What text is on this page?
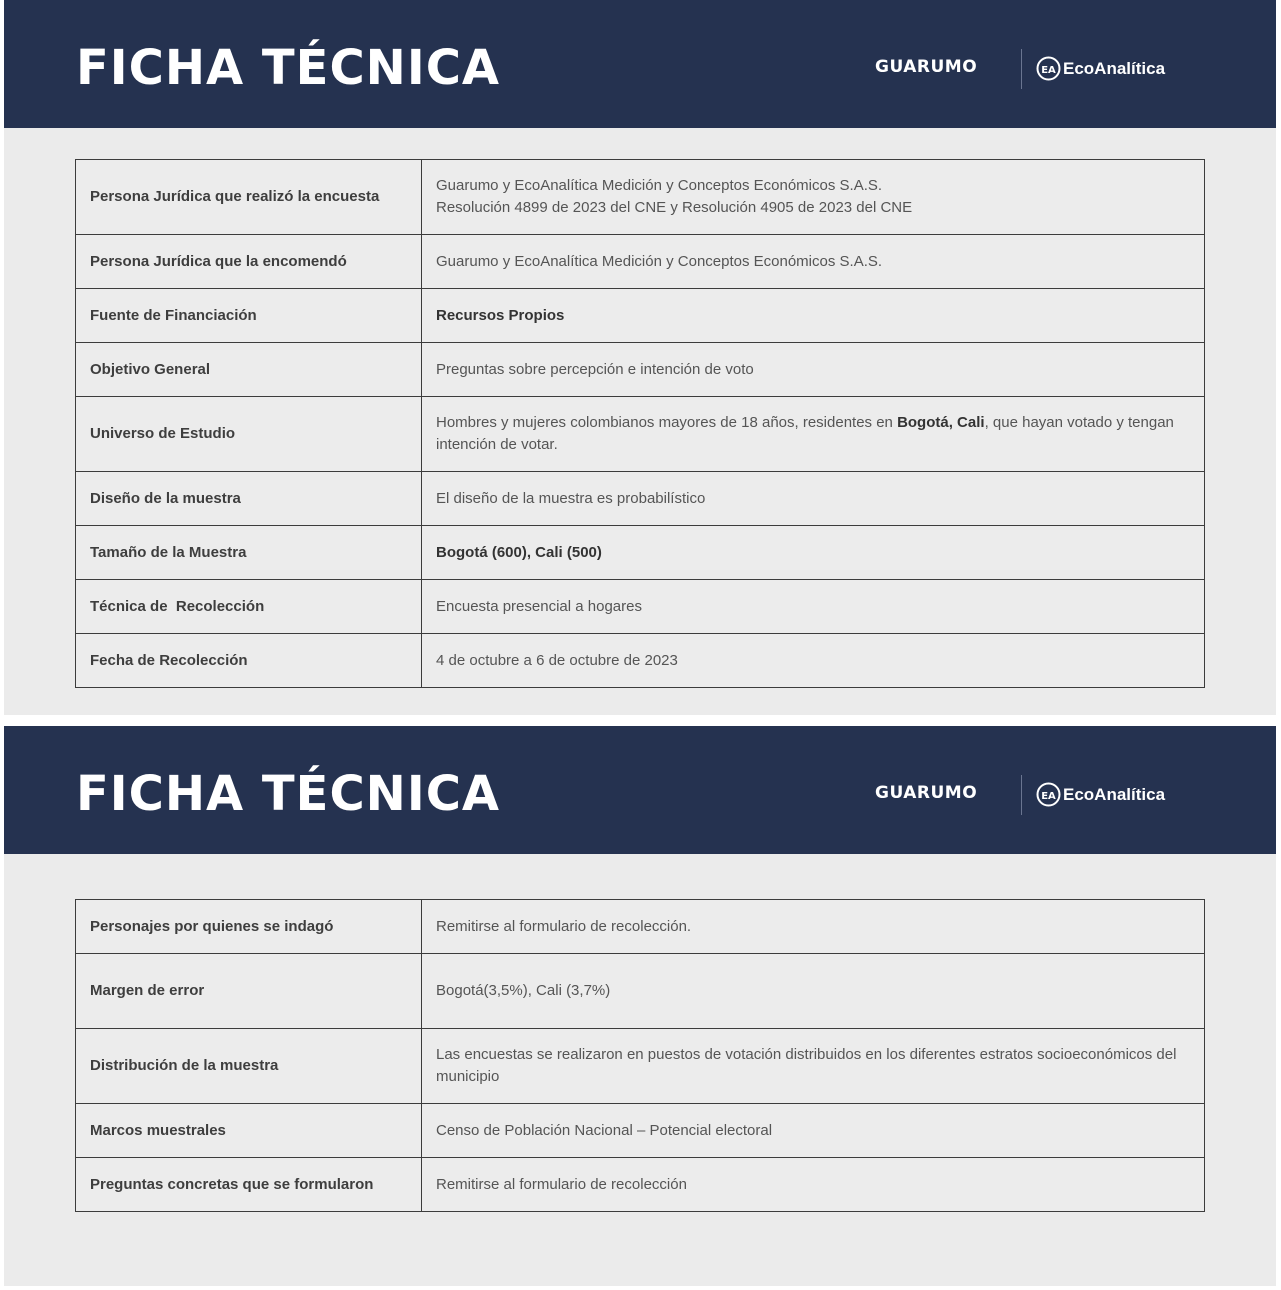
FICHA TÉCNICA	GUARUMO	EA EcoAnalítica
Persona Jurídica que realizó la encuesta	Guarumo y EcoAnalítica Medición y Conceptos Económicos S.A.S.
Resolución 4899 de 2023 del CNE y Resolución 4905 de 2023 del CNE

Persona Jurídica que la encomendó	Guarumo y EcoAnalítica Medición y Conceptos Económicos S.A.S.
Fuente de Financiación	Recursos Propios
Objetivo General	Preguntas sobre percepción e intención de voto
Universo de Estudio	Hombres y mujeres colombianos mayores de 18 años, residentes en Bogotá, Cali, que hayan votado y tengan intención de votar.
Diseño de la muestra	El diseño de la muestra es probabilístico
Tamaño de la Muestra	Bogotá (600), Cali (500)
Técnica de  Recolección	Encuesta presencial a hogares
Fecha de Recolección	4 de octubre a 6 de octubre de 2023
FICHA TÉCNICA	GUARUMO	EA EcoAnalítica
Personajes por quienes se indagó	Remitirse al formulario de recolección.
Margen de error	Bogotá(3,5%), Cali (3,7%)
Distribución de la muestra	Las encuestas se realizaron en puestos de votación distribuidos en los diferentes estratos socioeconómicos del municipio
Marcos muestrales	Censo de Población Nacional – Potencial electoral
Preguntas concretas que se formularon	Remitirse al formulario de recolección
